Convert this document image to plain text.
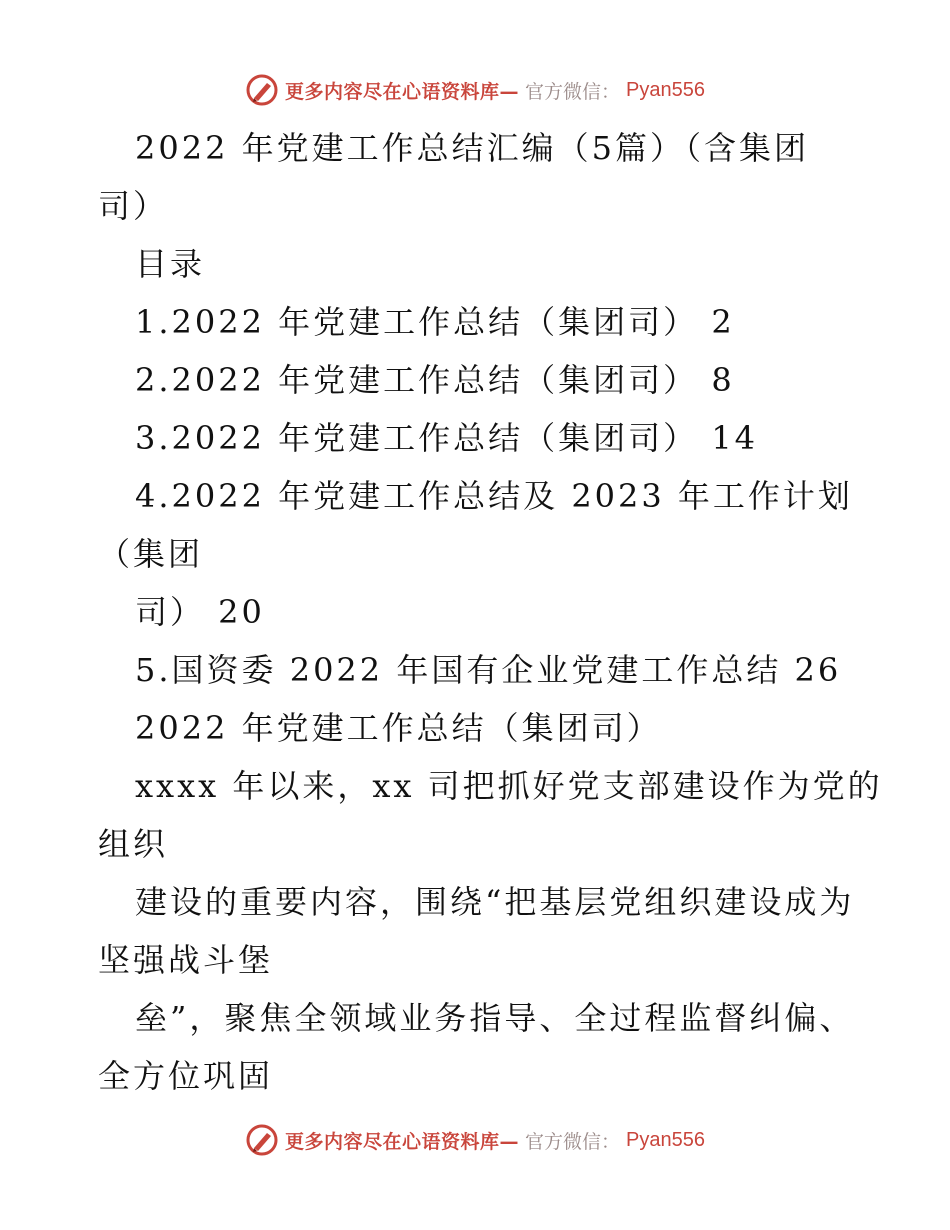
更多内容尽在心语资料库— 官方微信： Pyan556
2022 年党建工作总结汇编（5篇）（含集团
司）
目录
1.2022 年党建工作总结（集团司） 2
2.2022 年党建工作总结（集团司） 8
3.2022 年党建工作总结（集团司） 14
4.2022 年党建工作总结及 2023 年工作计划
（集团
司） 20
5.国资委 2022 年国有企业党建工作总结 26
2022 年党建工作总结（集团司）
xxxx 年以来，xx 司把抓好党支部建设作为党的
组织
建设的重要内容，围绕“把基层党组织建设成为
坚强战斗堡
垒”，聚焦全领域业务指导、全过程监督纠偏、
全方位巩固
更多内容尽在心语资料库— 官方微信： Pyan556
